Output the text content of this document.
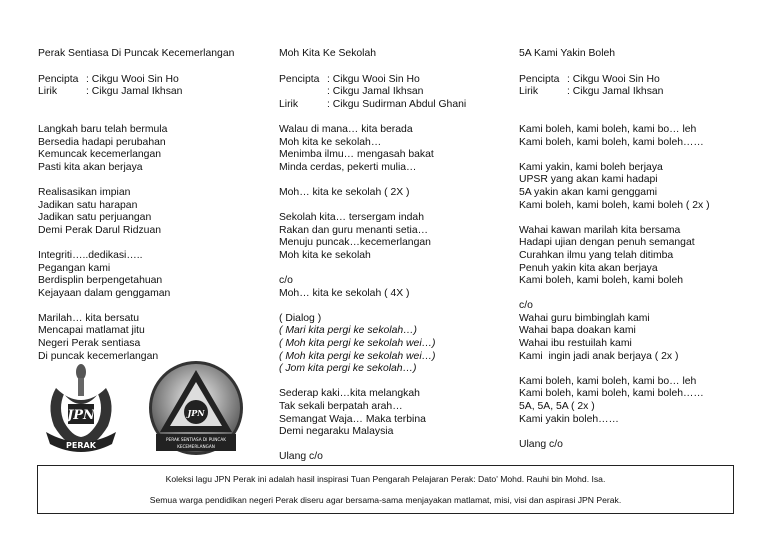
Perak Sentiasa Di Puncak Kecemerlangan
Pencipta : Cikgu Wooi Sin Ho
Lirik	: Cikgu Jamal Ikhsan
Langkah baru telah bermula
Bersedia hadapi perubahan
Kemuncak kecemerlangan
Pasti kita akan berjaya
Realisasikan impian
Jadikan satu harapan
Jadikan satu perjuangan
Demi Perak Darul Ridzuan
Integriti…..dedikasi…..
Pegangan kami
Berdisplin berpengetahuan
Kejayaan dalam genggaman
Marilah… kita bersatu
Mencapai matlamat jitu
Negeri Perak sentiasa
Di puncak kecemerlangan
JPN
PERAK
JPN
PERAK SENTIASA DI PUNCAK
KECEMERLANGAN
Moh Kita Ke Sekolah
Pencipta : Cikgu Wooi Sin Ho
: Cikgu Jamal Ikhsan
Lirik	: Cikgu Sudirman Abdul Ghani
Walau di mana… kita berada
Moh kita ke sekolah…
Menimba ilmu… mengasah bakat
Minda cerdas, pekerti mulia…
Moh… kita ke sekolah ( 2X )
Sekolah kita… tersergam indah
Rakan dan guru menanti setia…
Menuju puncak…kecemerlangan
Moh kita ke sekolah
c/o
Moh… kita ke sekolah ( 4X )
( Dialog )
( Mari kita pergi ke sekolah…)
( Moh kita pergi ke sekolah wei…)
( Moh kita pergi ke sekolah wei…)
( Jom kita pergi ke sekolah…)
Sederap kaki…kita melangkah
Tak sekali berpatah arah…
Semangat Waja… Maka terbina
Demi negaraku Malaysia
Ulang c/o
5A Kami Yakin Boleh
Pencipta : Cikgu Wooi Sin Ho
Lirik	: Cikgu Jamal Ikhsan
Kami boleh, kami boleh, kami bo… leh
Kami boleh, kami boleh, kami boleh……
Kami yakin, kami boleh berjaya
UPSR yang akan kami hadapi
5A yakin akan kami genggami
Kami boleh, kami boleh, kami boleh ( 2x )
Wahai kawan marilah kita bersama
Hadapi ujian dengan penuh semangat
Curahkan ilmu yang telah ditimba
Penuh yakin kita akan berjaya
Kami boleh, kami boleh, kami boleh
c/o
Wahai guru bimbinglah kami
Wahai bapa doakan kami
Wahai ibu restuilah kami
Kami  ingin jadi anak berjaya ( 2x )
Kami boleh, kami boleh, kami bo… leh
Kami boleh, kami boleh, kami boleh……
5A, 5A, 5A ( 2x )
Kami yakin boleh……
Ulang c/o
Koleksi lagu JPN Perak ini adalah hasil inspirasi Tuan Pengarah Pelajaran Perak: Dato' Mohd. Rauhi bin Mohd. Isa.
Semua warga pendidikan negeri Perak diseru agar bersama-sama menjayakan matlamat, misi, visi dan aspirasi JPN Perak.
